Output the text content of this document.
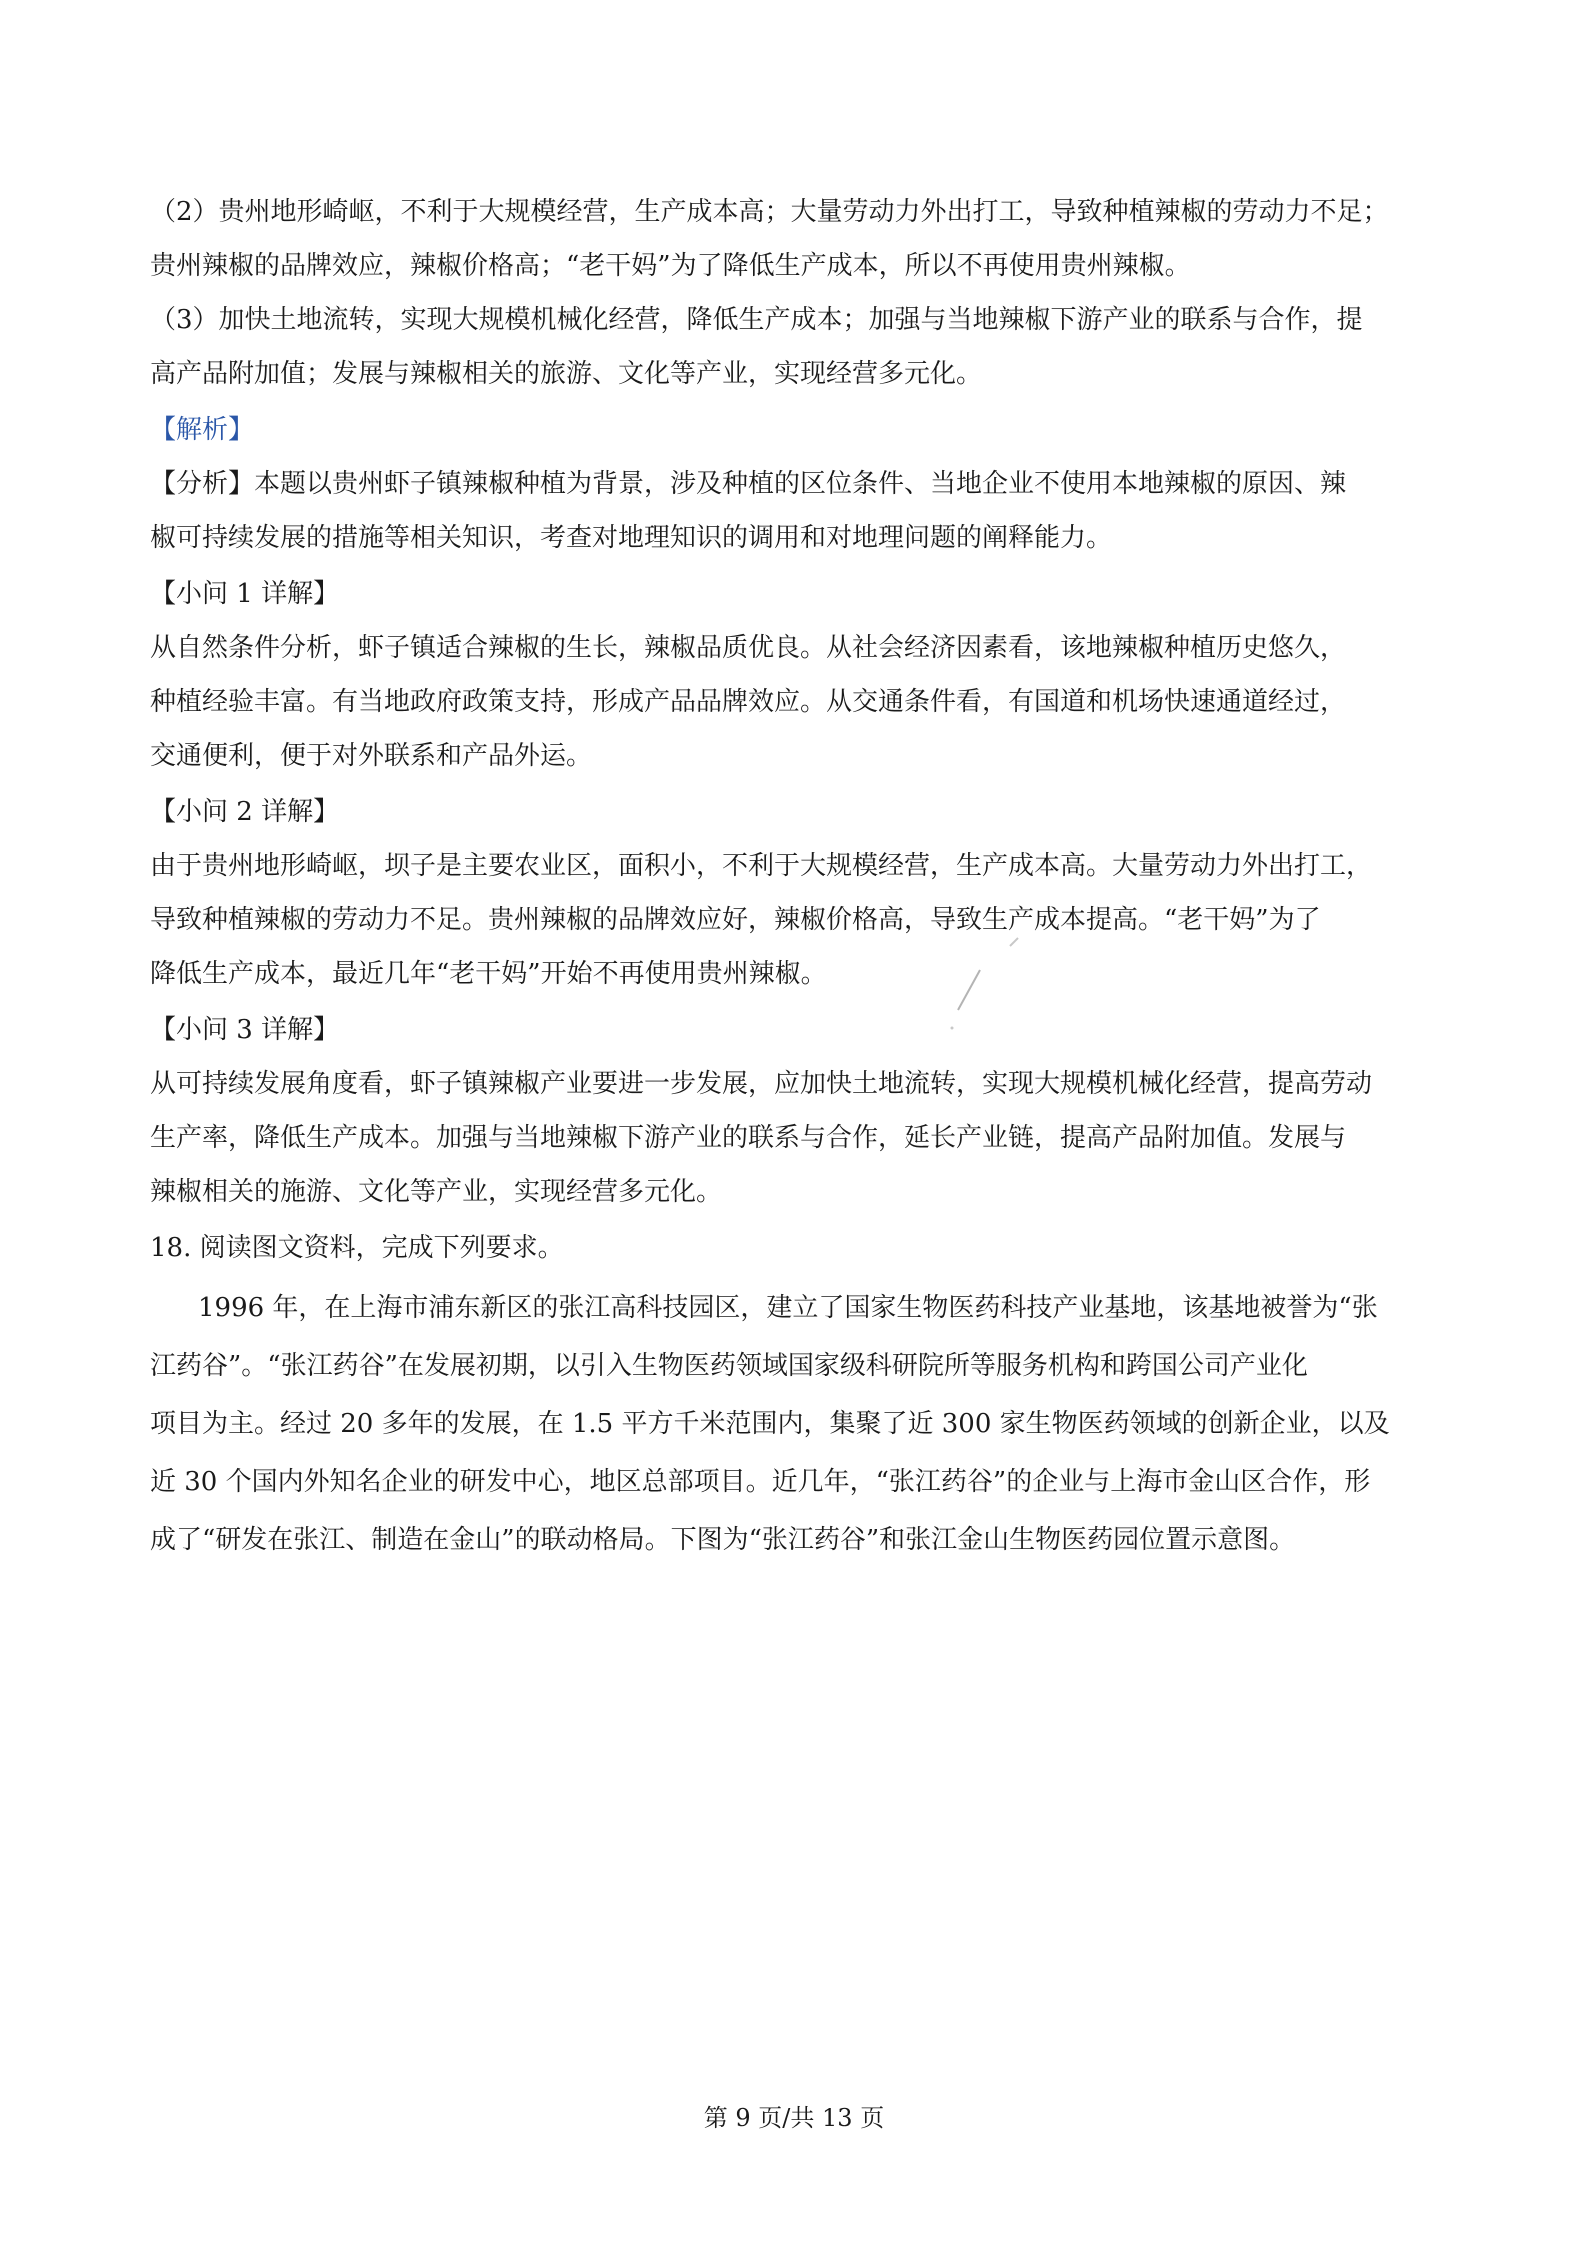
（2）贵州地形崎岖，不利于大规模经营，生产成本高；大量劳动力外出打工，导致种植辣椒的劳动力不足；
贵州辣椒的品牌效应，辣椒价格高；“老干妈”为了降低生产成本，所以不再使用贵州辣椒。
（3）加快土地流转，实现大规模机械化经营，降低生产成本；加强与当地辣椒下游产业的联系与合作，提
高产品附加值；发展与辣椒相关的旅游、文化等产业，实现经营多元化。
【解析】
【分析】本题以贵州虾子镇辣椒种植为背景，涉及种植的区位条件、当地企业不使用本地辣椒的原因、辣
椒可持续发展的措施等相关知识，考查对地理知识的调用和对地理问题的阐释能力。
【小问 1 详解】
从自然条件分析，虾子镇适合辣椒的生长，辣椒品质优良。从社会经济因素看，该地辣椒种植历史悠久，
种植经验丰富。有当地政府政策支持，形成产品品牌效应。从交通条件看，有国道和机场快速通道经过，
交通便利，便于对外联系和产品外运。
【小问 2 详解】
由于贵州地形崎岖，坝子是主要农业区，面积小，不利于大规模经营，生产成本高。大量劳动力外出打工，
导致种植辣椒的劳动力不足。贵州辣椒的品牌效应好，辣椒价格高，导致生产成本提高。“老干妈”为了
降低生产成本，最近几年“老干妈”开始不再使用贵州辣椒。
【小问 3 详解】
从可持续发展角度看，虾子镇辣椒产业要进一步发展，应加快土地流转，实现大规模机械化经营，提高劳动
生产率，降低生产成本。加强与当地辣椒下游产业的联系与合作，延长产业链，提高产品附加值。发展与
辣椒相关的施游、文化等产业，实现经营多元化。
18. 阅读图文资料，完成下列要求。
1996 年，在上海市浦东新区的张江高科技园区，建立了国家生物医药科技产业基地，该基地被誉为“张
江药谷”。“张江药谷”在发展初期，以引入生物医药领域国家级科研院所等服务机构和跨国公司产业化
项目为主。经过 20 多年的发展，在 1.5 平方千米范围内，集聚了近 300 家生物医药领域的创新企业，以及
近 30 个国内外知名企业的研发中心，地区总部项目。近几年，“张江药谷”的企业与上海市金山区合作，形
成了“研发在张江、制造在金山”的联动格局。下图为“张江药谷”和张江金山生物医药园位置示意图。
第 9 页/共 13 页
